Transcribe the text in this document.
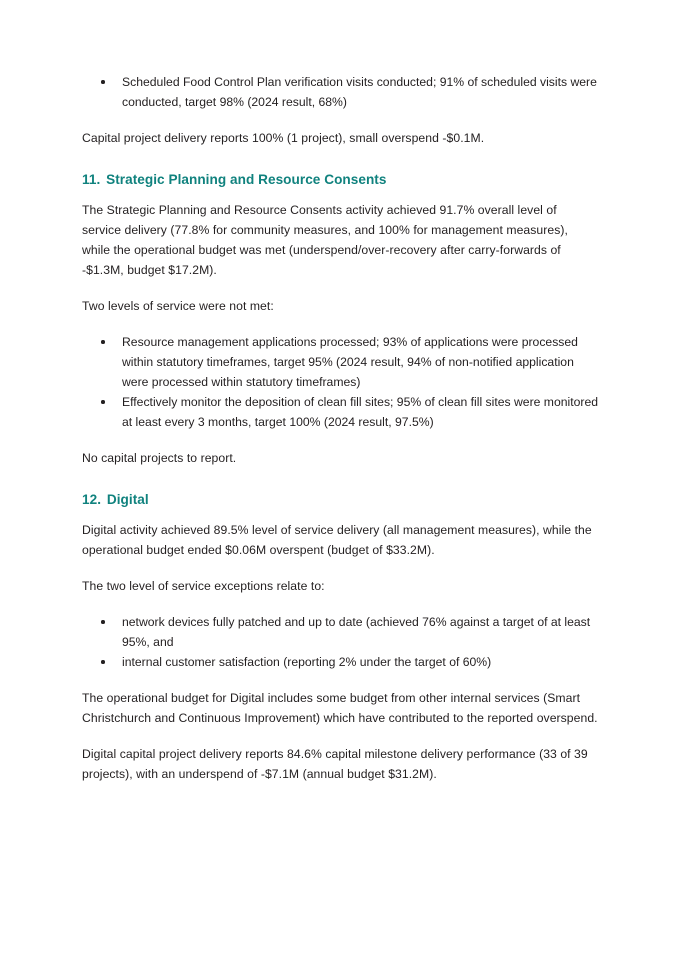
Scheduled Food Control Plan verification visits conducted; 91% of scheduled visits were conducted, target 98% (2024 result, 68%)

Capital project delivery reports 100% (1 project), small overspend -$0.1M.

11. Strategic Planning and Resource Consents

The Strategic Planning and Resource Consents activity achieved 91.7% overall level of service delivery (77.8% for community measures, and 100% for management measures), while the operational budget was met (underspend/over-recovery after carry-forwards of -$1.3M, budget $17.2M).

Two levels of service were not met:

Resource management applications processed; 93% of applications were processed within statutory timeframes, target 95% (2024 result, 94% of non-notified application were processed within statutory timeframes)
Effectively monitor the deposition of clean fill sites; 95% of clean fill sites were monitored at least every 3 months, target 100% (2024 result, 97.5%)

No capital projects to report.

12. Digital

Digital activity achieved 89.5% level of service delivery (all management measures), while the operational budget ended $0.06M overspent (budget of $33.2M).

The two level of service exceptions relate to:

network devices fully patched and up to date (achieved 76% against a target of at least 95%, and
internal customer satisfaction (reporting 2% under the target of 60%)

The operational budget for Digital includes some budget from other internal services (Smart Christchurch and Continuous Improvement) which have contributed to the reported overspend.

Digital capital project delivery reports 84.6% capital milestone delivery performance (33 of 39 projects), with an underspend of -$7.1M (annual budget $31.2M).
